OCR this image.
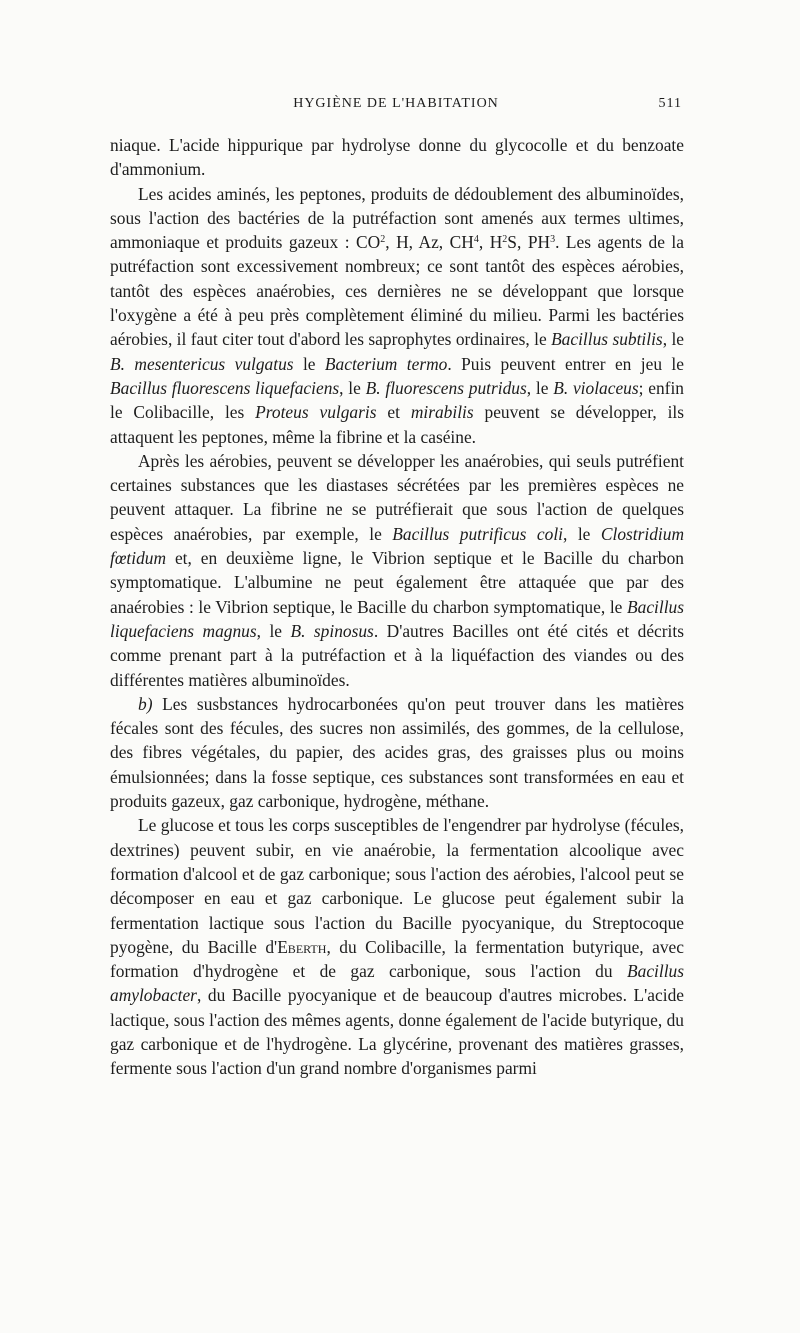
HYGIÈNE DE L'HABITATION	511

niaque. L'acide hippurique par hydrolyse donne du glycocolle et du benzoate d'ammonium.

Les acides aminés, les peptones, produits de dédoublement des albuminoïdes, sous l'action des bactéries de la putréfaction sont amenés aux termes ultimes, ammoniaque et produits gazeux : $CO^2$, H, Az, $CH^4$, $H^2S$, $PH^3$. Les agents de la putréfaction sont excessivement nombreux; ce sont tantôt des espèces aérobies, tantôt des espèces anaérobies, ces dernières ne se développant que lorsque l'oxygène a été à peu près complètement éliminé du milieu. Parmi les bactéries aérobies, il faut citer tout d'abord les saprophytes ordinaires, le Bacillus subtilis, le B. mesentericus vulgatus le Bacterium termo. Puis peuvent entrer en jeu le Bacillus fluorescens liquefaciens, le B. fluorescens putridus, le B. violaceus; enfin le Colibacille, les Proteus vulgaris et mirabilis peuvent se développer, ils attaquent les peptones, même la fibrine et la caséine.

Après les aérobies, peuvent se développer les anaérobies, qui seuls putréfient certaines substances que les diastases sécrétées par les premières espèces ne peuvent attaquer. La fibrine ne se putréfierait que sous l'action de quelques espèces anaérobies, par exemple, le Bacillus putrificus coli, le Clostridium fœtidum et, en deuxième ligne, le Vibrion septique et le Bacille du charbon symptomatique. L'albumine ne peut également être attaquée que par des anaérobies : le Vibrion septique, le Bacille du charbon symptomatique, le Bacillus liquefaciens magnus, le B. spinosus. D'autres Bacilles ont été cités et décrits comme prenant part à la putréfaction et à la liquéfaction des viandes ou des différentes matières albuminoïdes.

b) Les susbstances hydrocarbonées qu'on peut trouver dans les matières fécales sont des fécules, des sucres non assimilés, des gommes, de la cellulose, des fibres végétales, du papier, des acides gras, des graisses plus ou moins émulsionnées; dans la fosse septique, ces substances sont transformées en eau et produits gazeux, gaz carbonique, hydrogène, méthane.

Le glucose et tous les corps susceptibles de l'engendrer par hydrolyse (fécules, dextrines) peuvent subir, en vie anaérobie, la fermentation alcoolique avec formation d'alcool et de gaz carbonique; sous l'action des aérobies, l'alcool peut se décomposer en eau et gaz carbonique. Le glucose peut également subir la fermentation lactique sous l'action du Bacille pyocyanique, du Streptocoque pyogène, du Bacille d'Eberth, du Colibacille, la fermentation butyrique, avec formation d'hydrogène et de gaz carbonique, sous l'action du Bacillus amylobacter, du Bacille pyocyanique et de beaucoup d'autres microbes. L'acide lactique, sous l'action des mêmes agents, donne également de l'acide butyrique, du gaz carbonique et de l'hydrogène. La glycérine, provenant des matières grasses, fermente sous l'action d'un grand nombre d'organismes parmi
